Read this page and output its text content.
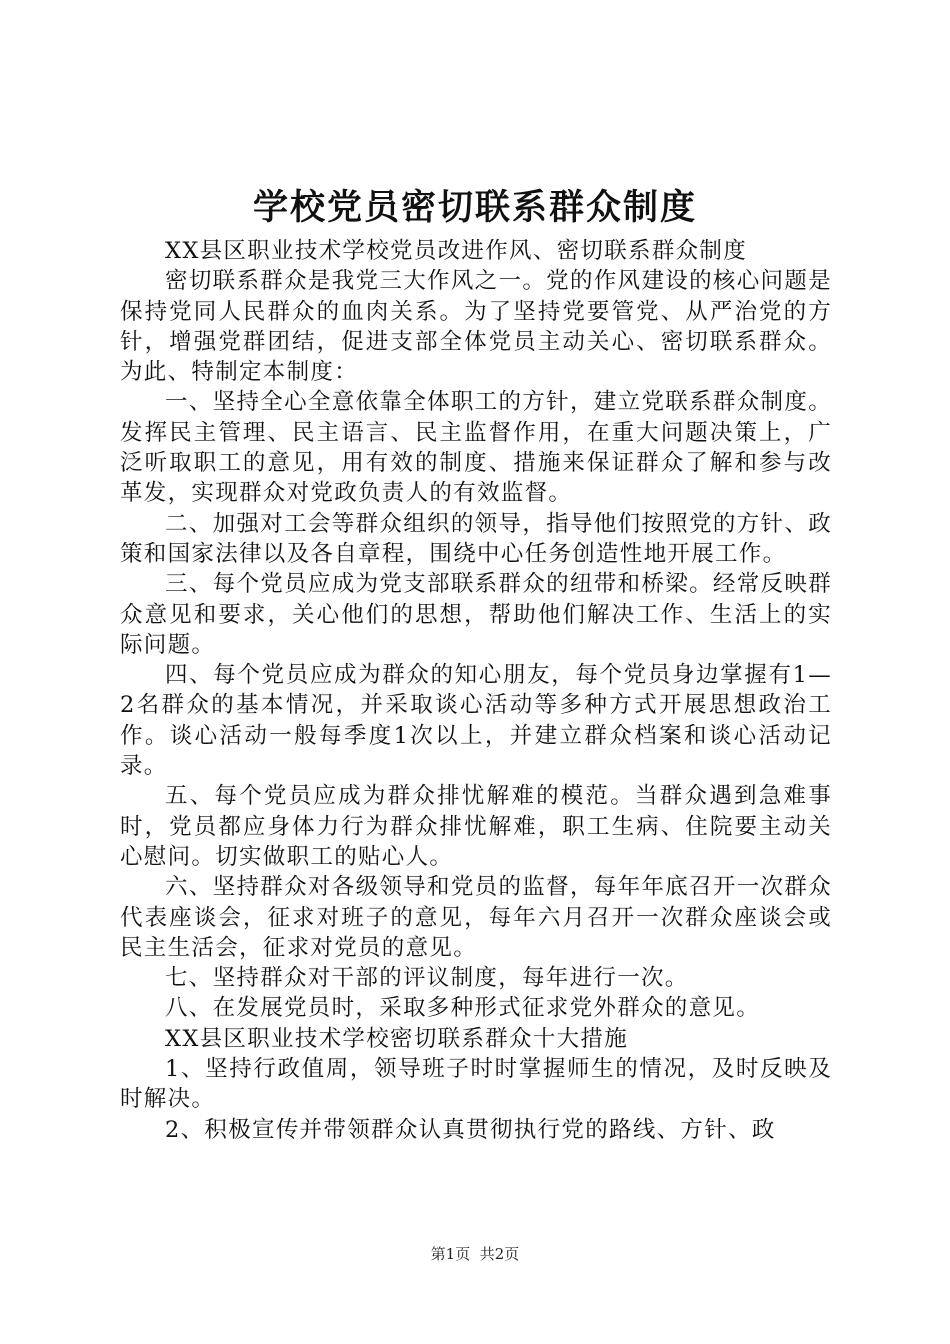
学校党员密切联系群众制度

XX县区职业技术学校党员改进作风、密切联系群众制度

密切联系群众是我党三大作风之一。党的作风建设的核心问题是保持党同人民群众的血肉关系。为了坚持党要管党、从严治党的方针，增强党群团结，促进支部全体党员主动关心、密切联系群众。为此、特制定本制度：

一、坚持全心全意依靠全体职工的方针，建立党联系群众制度。发挥民主管理、民主语言、民主监督作用，在重大问题决策上，广泛听取职工的意见，用有效的制度、措施来保证群众了解和参与改革发，实现群众对党政负责人的有效监督。

二、加强对工会等群众组织的领导，指导他们按照党的方针、政策和国家法律以及各自章程，围绕中心任务创造性地开展工作。

三、每个党员应成为党支部联系群众的纽带和桥梁。经常反映群众意见和要求，关心他们的思想，帮助他们解决工作、生活上的实际问题。

四、每个党员应成为群众的知心朋友，每个党员身边掌握有1—2名群众的基本情况，并采取谈心活动等多种方式开展思想政治工作。谈心活动一般每季度1次以上，并建立群众档案和谈心活动记录。

五、每个党员应成为群众排忧解难的模范。当群众遇到急难事时，党员都应身体力行为群众排忧解难，职工生病、住院要主动关心慰问。切实做职工的贴心人。

六、坚持群众对各级领导和党员的监督，每年年底召开一次群众代表座谈会，征求对班子的意见，每年六月召开一次群众座谈会或民主生活会，征求对党员的意见。

七、坚持群众对干部的评议制度，每年进行一次。

八、在发展党员时，采取多种形式征求党外群众的意见。

XX县区职业技术学校密切联系群众十大措施

1、坚持行政值周，领导班子时时掌握师生的情况，及时反映及时解决。

2、积极宣传并带领群众认真贯彻执行党的路线、方针、政

第1页 共2页
